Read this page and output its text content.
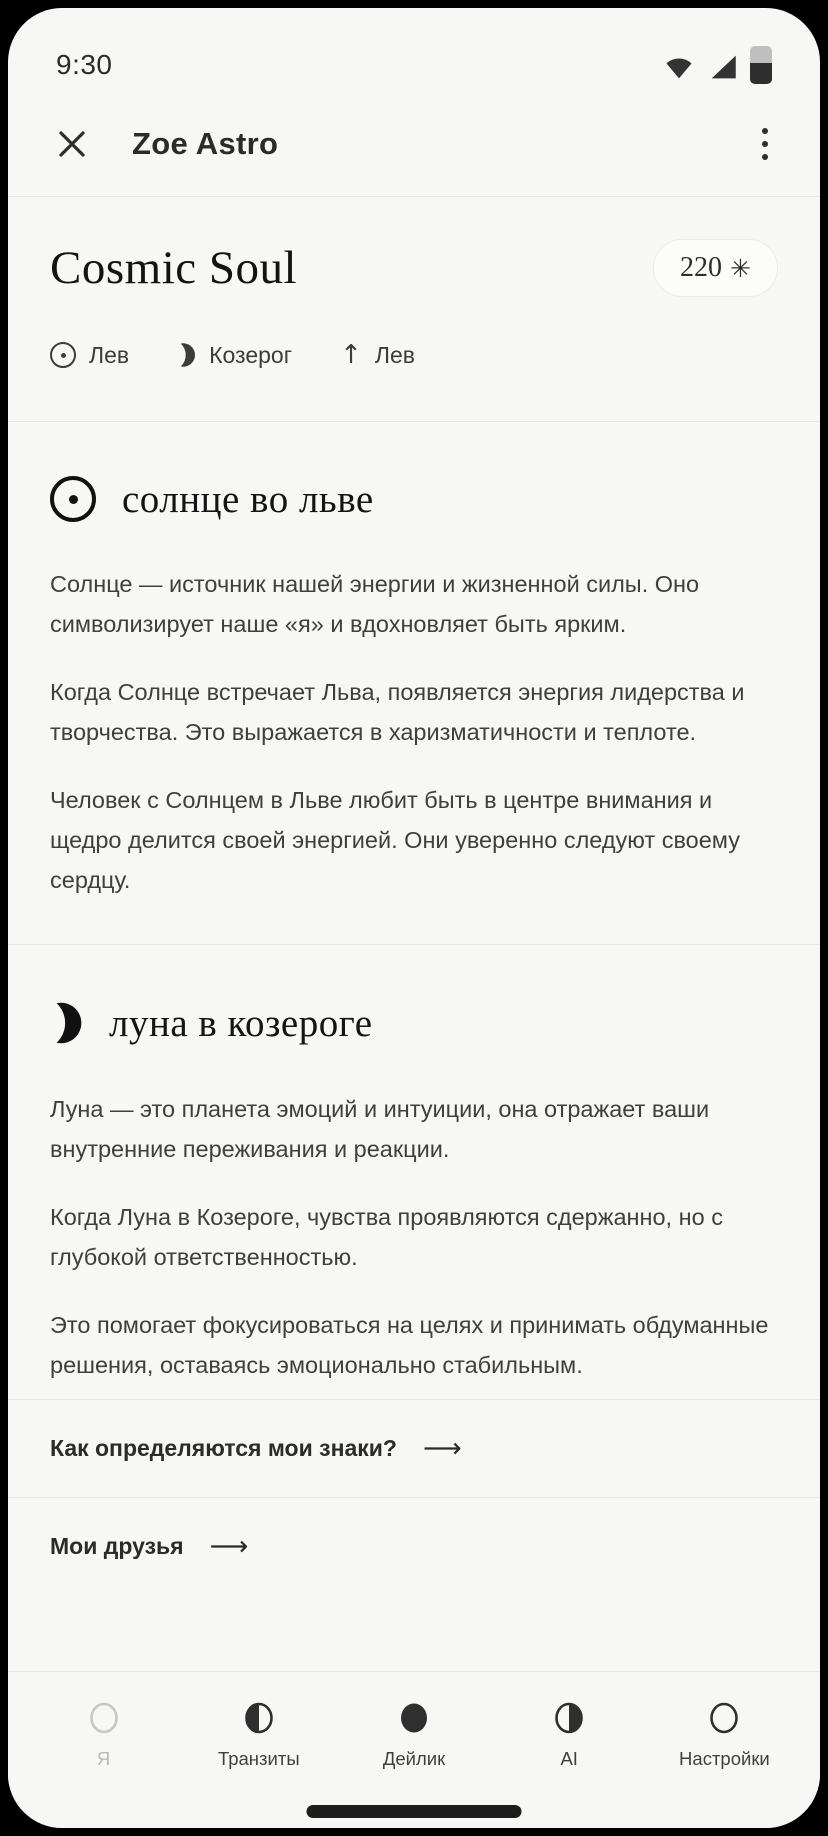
9:30
Zoe Astro
Cosmic Soul	220 ✳
Лев	Козерог ↑ Лев
солнце во льве

Солнце — источник нашей энергии и жизненной силы. Оно символизирует наше «я» и вдохновляет быть ярким.

Когда Солнце встречает Льва, появляется энергия лидерства и творчества. Это выражается в харизматичности и теплоте.

Человек с Солнцем в Льве любит быть в центре внимания и щедро делится своей энергией. Они уверенно следуют своему сердцу.

луна в козероге

Луна — это планета эмоций и интуиции, она отражает ваши внутренние переживания и реакции.

Когда Луна в Козероге, чувства проявляются сдержанно, но с глубокой ответственностью.

Это помогает фокусироваться на целях и принимать обдуманные решения, оставаясь эмоционально стабильным.

Как определяются мои знаки? ⟶
Мои друзья ⟶
Я	Транзиты	Дейлик	AI	Настройки
